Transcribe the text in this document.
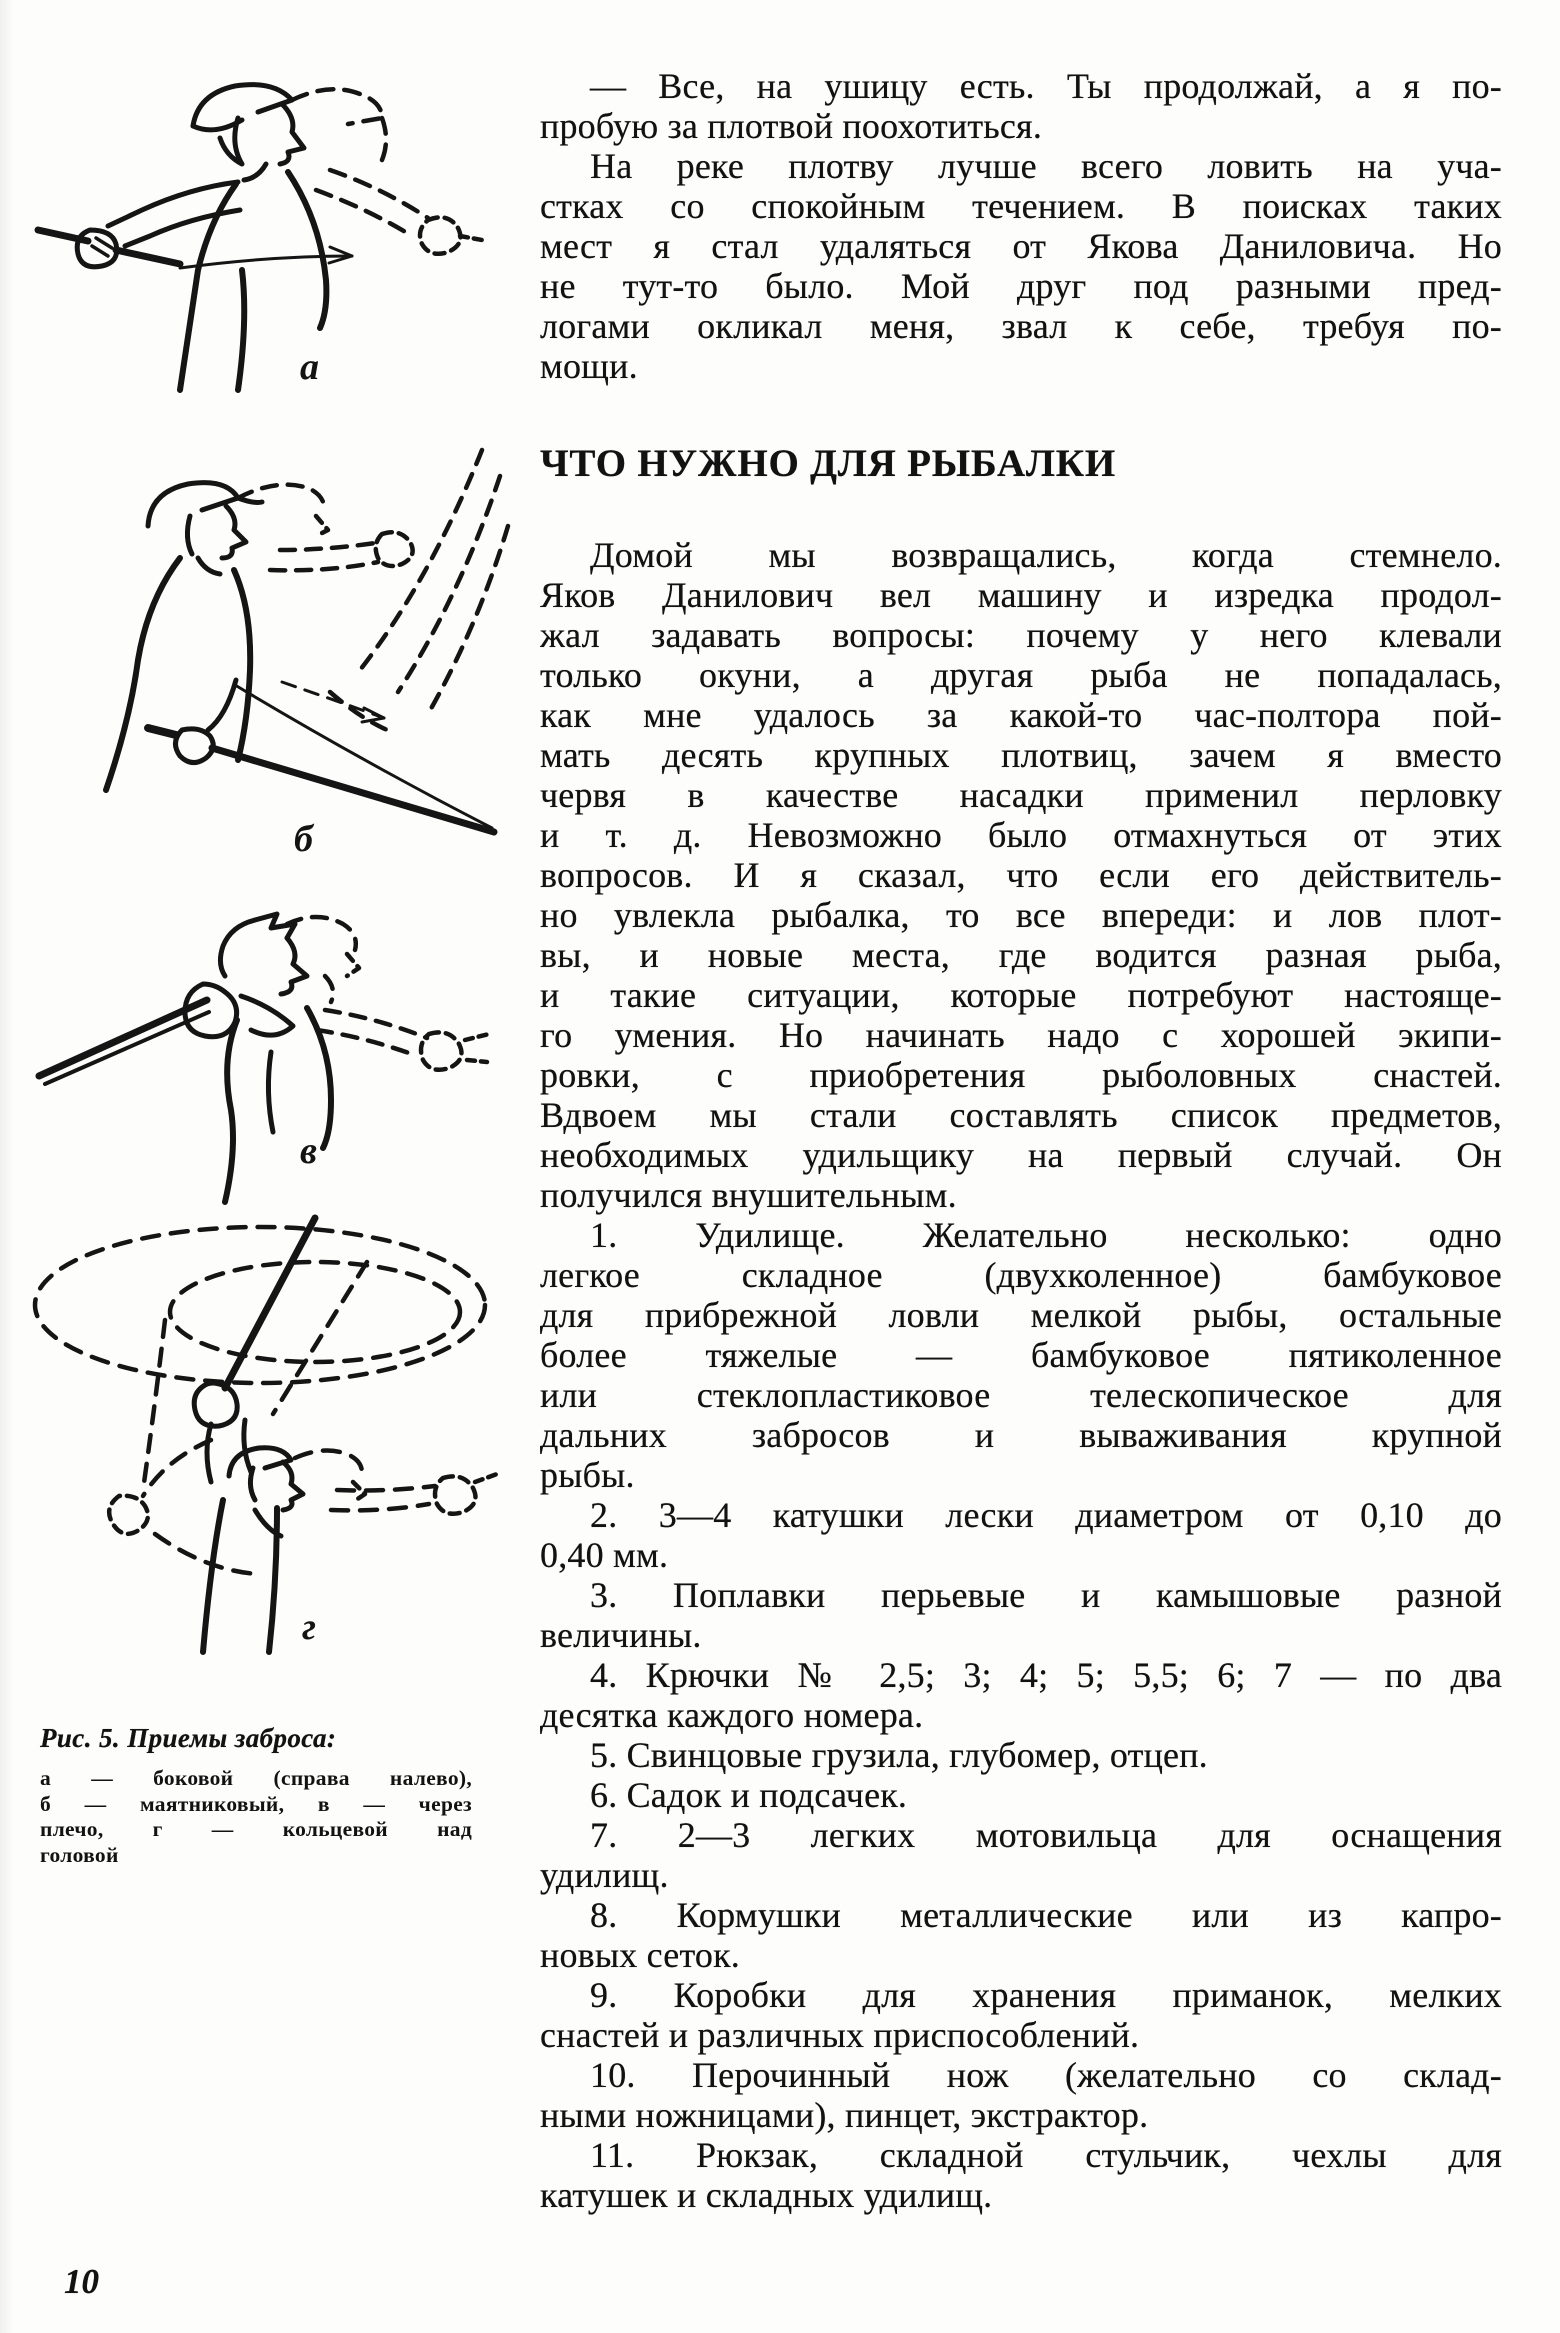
а
б
в
г
Рис. 5. Приемы заброса:
а — боковой (справа налево),
б — маятниковый, в — через
плечо, г — кольцевой над
головой
— Все, на ушицу есть. Ты продолжай, а я по-
пробую за плотвой поохотиться.
На реке плотву лучше всего ловить на уча-
стках со спокойным течением. В поисках таких
мест я стал удаляться от Якова Даниловича. Но
не тут-то было. Мой друг под разными пред-
логами окликал меня, звал к себе, требуя по-
мощи.
ЧТО НУЖНО ДЛЯ РЫБАЛКИ
Домой мы возвращались, когда стемнело.
Яков Данилович вел машину и изредка продол-
жал задавать вопросы: почему у него клевали
только окуни, а другая рыба не попадалась,
как мне удалось за какой-то час-полтора пой-
мать десять крупных плотвиц, зачем я вместо
червя в качестве насадки применил перловку
и т. д. Невозможно было отмахнуться от этих
вопросов. И я сказал, что если его действитель-
но увлекла рыбалка, то все впереди: и лов плот-
вы, и новые места, где водится разная рыба,
и такие ситуации, которые потребуют настояще-
го умения. Но начинать надо с хорошей экипи-
ровки, с приобретения рыболовных снастей.
Вдвоем мы стали составлять список предметов,
необходимых удильщику на первый случай. Он
получился внушительным.
1. Удилище. Желательно несколько: одно
легкое складное (двухколенное) бамбуковое
для прибрежной ловли мелкой рыбы, остальные
более тяжелые — бамбуковое пятиколенное
или стеклопластиковое телескопическое для
дальних забросов и вываживания крупной
рыбы.
2. 3—4 катушки лески диаметром от 0,10 до
0,40 мм.
3. Поплавки перьевые и камышовые разной
величины.
4. Крючки № 2,5; 3; 4; 5; 5,5; 6; 7 — по два
десятка каждого номера.
5. Свинцовые грузила, глубомер, отцеп.
6. Садок и подсачек.
7. 2—3 легких мотовильца для оснащения
удилищ.
8. Кормушки металлические или из капро-
новых сеток.
9. Коробки для хранения приманок, мелких
снастей и различных приспособлений.
10. Перочинный нож (желательно со склад-
ными ножницами), пинцет, экстрактор.
11. Рюкзак, складной стульчик, чехлы для
катушек и складных удилищ.
10
